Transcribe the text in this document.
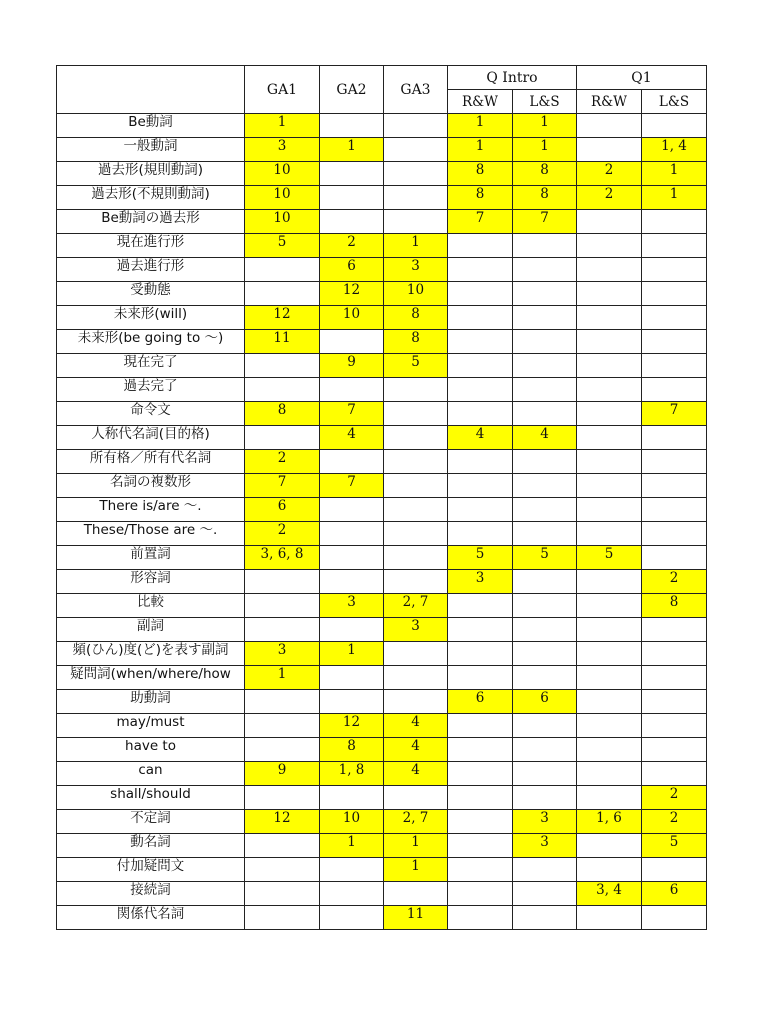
	GA1	GA2	GA3	Q Intro		Q1	
				R&W	L&S	R&W	L&S
Be動詞	1			1	1		
一般動詞	3	1		1	1		1, 4
過去形(規則動詞)	10			8	8	2	1
過去形(不規則動詞)	10			8	8	2	1
Be動詞の過去形	10			7	7		
現在進行形	5	2	1				
過去進行形		6	3				
受動態		12	10				
未来形(will)	12	10	8				
未来形(be going to 〜)	11		8				
現在完了		9	5				
過去完了							
命令文	8	7					7
人称代名詞(目的格)		4		4	4		
所有格／所有代名詞	2						
名詞の複数形	7	7					
There is/are 〜.	6						
These/Those are 〜.	2						
前置詞	3, 6, 8			5	5	5	
形容詞				3			2
比較		3	2, 7				8
副詞			3				
頻(ひん)度(ど)を表す副詞	3	1					
疑問詞(when/where/how	1						
助動詞				6	6		
may/must		12	4				
have to		8	4				
can	9	1, 8	4				
shall/should							2
不定詞	12	10	2, 7		3	1, 6	2
動名詞		1	1		3		5
付加疑問文			1				
接続詞						3, 4	6
関係代名詞			11				
